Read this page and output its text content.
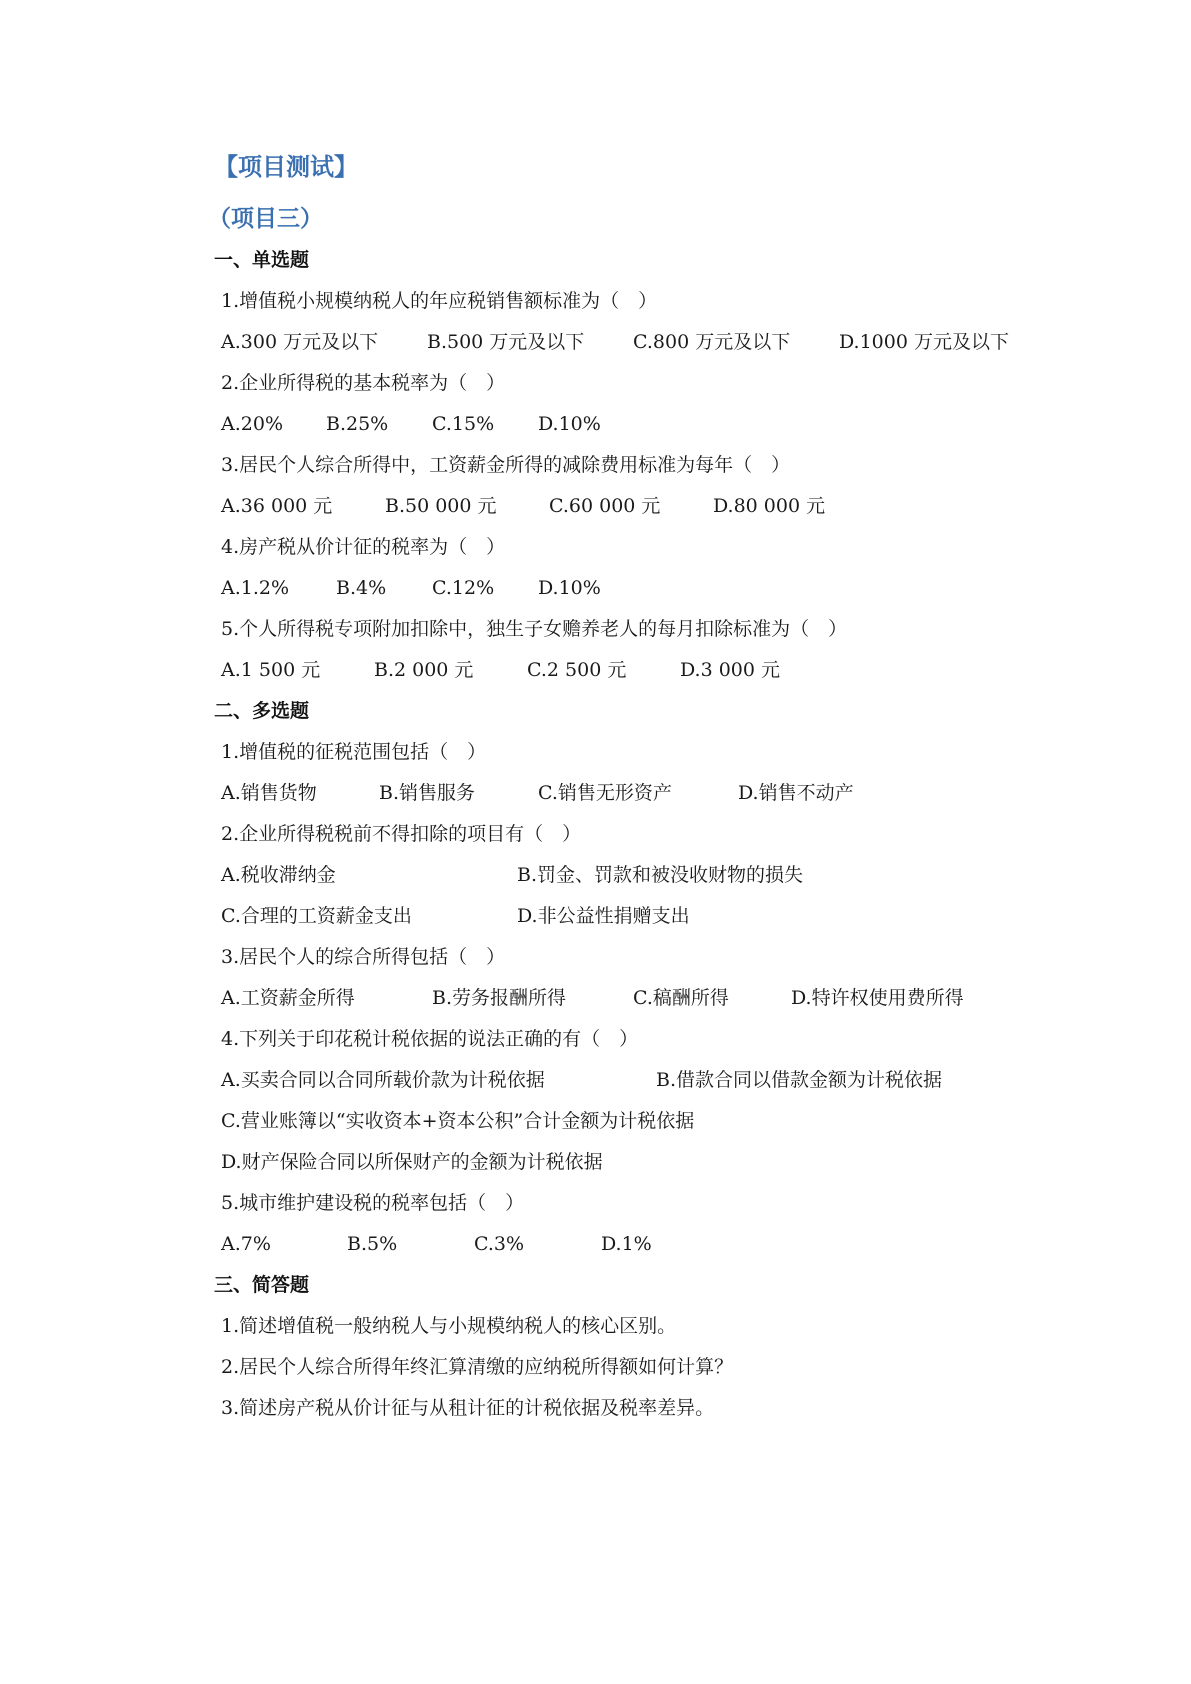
【项目测试】
（项目三）
一、单选题
1.增值税小规模纳税人的年应税销售额标准为（　）
A.300 万元及以下	B.500 万元及以下	C.800 万元及以下	D.1000 万元及以下
2.企业所得税的基本税率为（　）
A.20%	B.25%	C.15%	D.10%
3.居民个人综合所得中，工资薪金所得的减除费用标准为每年（　）
A.36 000 元	B.50 000 元	C.60 000 元	D.80 000 元
4.房产税从价计征的税率为（　）
A.1.2%	B.4%	C.12%	D.10%
5.个人所得税专项附加扣除中，独生子女赡养老人的每月扣除标准为（　）
A.1 500 元	B.2 000 元	C.2 500 元	D.3 000 元
二、多选题
1.增值税的征税范围包括（　）
A.销售货物	B.销售服务	C.销售无形资产	D.销售不动产
2.企业所得税税前不得扣除的项目有（　）
A.税收滞纳金	B.罚金、罚款和被没收财物的损失
C.合理的工资薪金支出	D.非公益性捐赠支出
3.居民个人的综合所得包括（　）
A.工资薪金所得	B.劳务报酬所得	C.稿酬所得	D.特许权使用费所得
4.下列关于印花税计税依据的说法正确的有（　）
A.买卖合同以合同所载价款为计税依据	B.借款合同以借款金额为计税依据
C.营业账簿以“实收资本+资本公积”合计金额为计税依据
D.财产保险合同以所保财产的金额为计税依据
5.城市维护建设税的税率包括（　）
A.7%	B.5%	C.3%	D.1%
三、简答题
1.简述增值税一般纳税人与小规模纳税人的核心区别。
2.居民个人综合所得年终汇算清缴的应纳税所得额如何计算？
3.简述房产税从价计征与从租计征的计税依据及税率差异。
